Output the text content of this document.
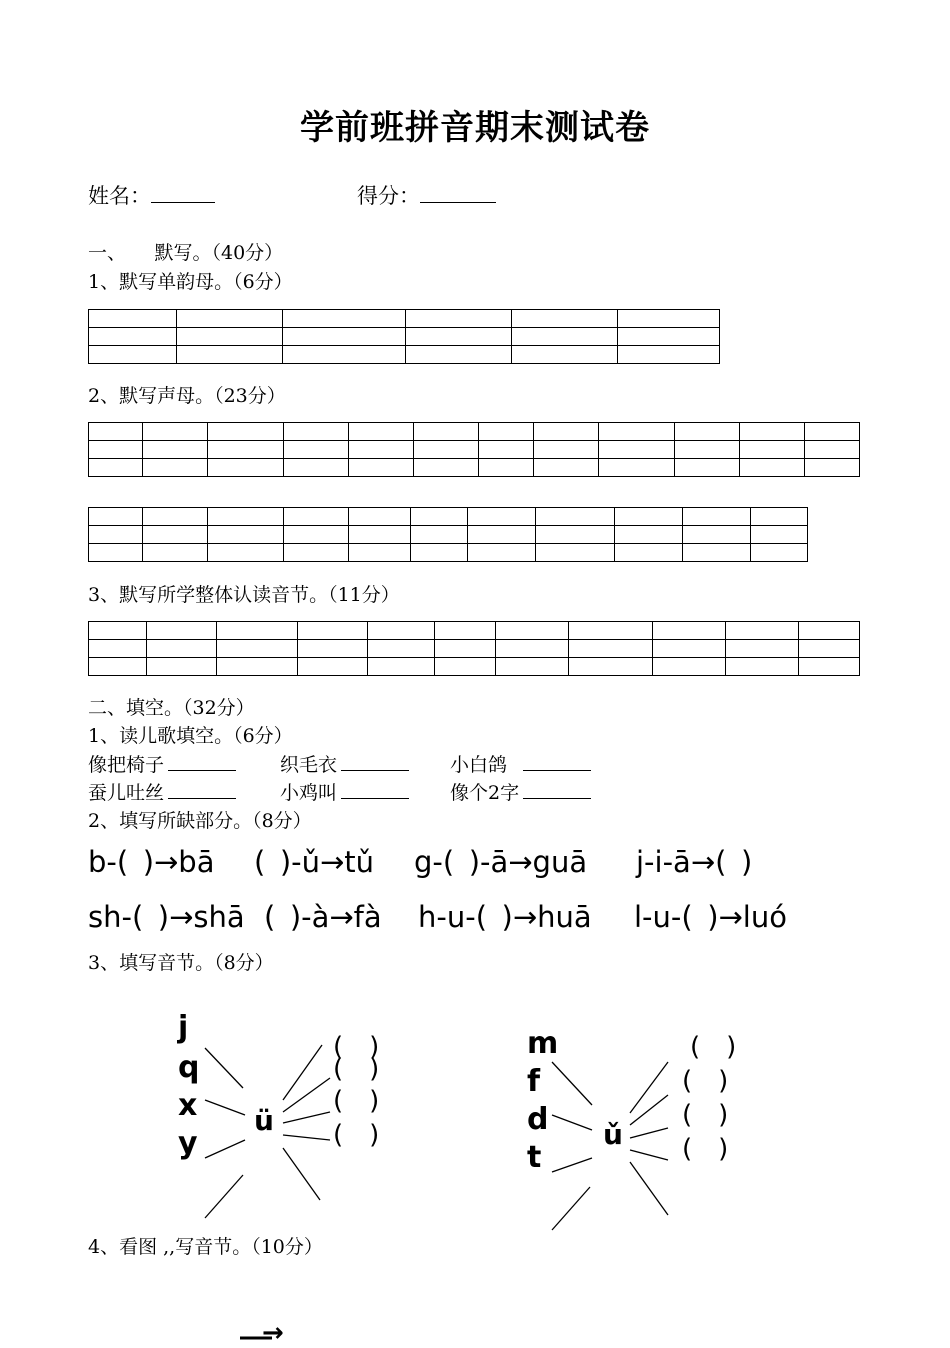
学前班拼音期末测试卷
姓名：	得分：
一、　　默写。（40分）
1、默写单韵母。（6分）

2、默写声母。（23分）

3、默写所学整体认读音节。（11分）

二、填空。（32分）
1、读儿歌填空。（6分）
像把椅子	织毛衣	小白鸽
蚕儿吐丝	小鸡叫	像个2字
2、填写所缺部分。（8分）
b-(  )→bā (  )-ǔ→tǔ g-(  )-ā→guā j-i-ā→(  )
sh-(  )→shā (  )-à→fà h-u-(  )→huā l-u-(  )→luó
3、填写音节。（8分）
j
q
x
y
ü
(　)
(　)
(　)
(　)
m
f
d
t
ǔ
(　)
(　)
(　)
(　)
4、看图 ,,写音节。（10分）
→
